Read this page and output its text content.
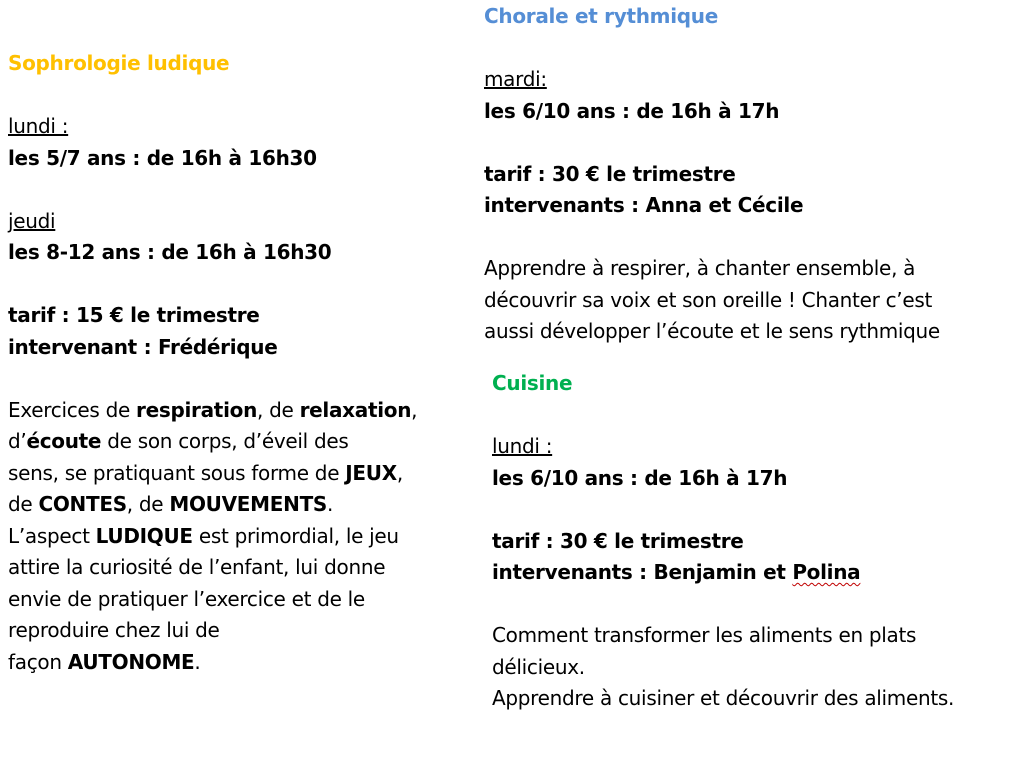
Sophrologie ludique

lundi :

les 5/7 ans : de 16h à 16h30

jeudi

les 8-12 ans : de 16h à 16h30

tarif : 15 € le trimestre

intervenant : Frédérique

Exercices de respiration, de relaxation,

d’écoute de son corps, d’éveil des

sens, se pratiquant sous forme de JEUX,

de CONTES, de MOUVEMENTS.

L’aspect LUDIQUE est primordial, le jeu

attire la curiosité de l’enfant, lui donne

envie de pratiquer l’exercice et de le

reproduire chez lui de

façon AUTONOME.

Chorale et rythmique

mardi:

les 6/10 ans : de 16h à 17h

tarif : 30 € le trimestre

intervenants : Anna et Cécile

Apprendre à respirer, à chanter ensemble, à

découvrir sa voix et son oreille ! Chanter c’est

aussi développer l’écoute et le sens rythmique

Cuisine

lundi :

les 6/10 ans : de 16h à 17h

tarif : 30 € le trimestre

intervenants : Benjamin et Polina

Comment transformer les aliments en plats

délicieux.

Apprendre à cuisiner et découvrir des aliments.
